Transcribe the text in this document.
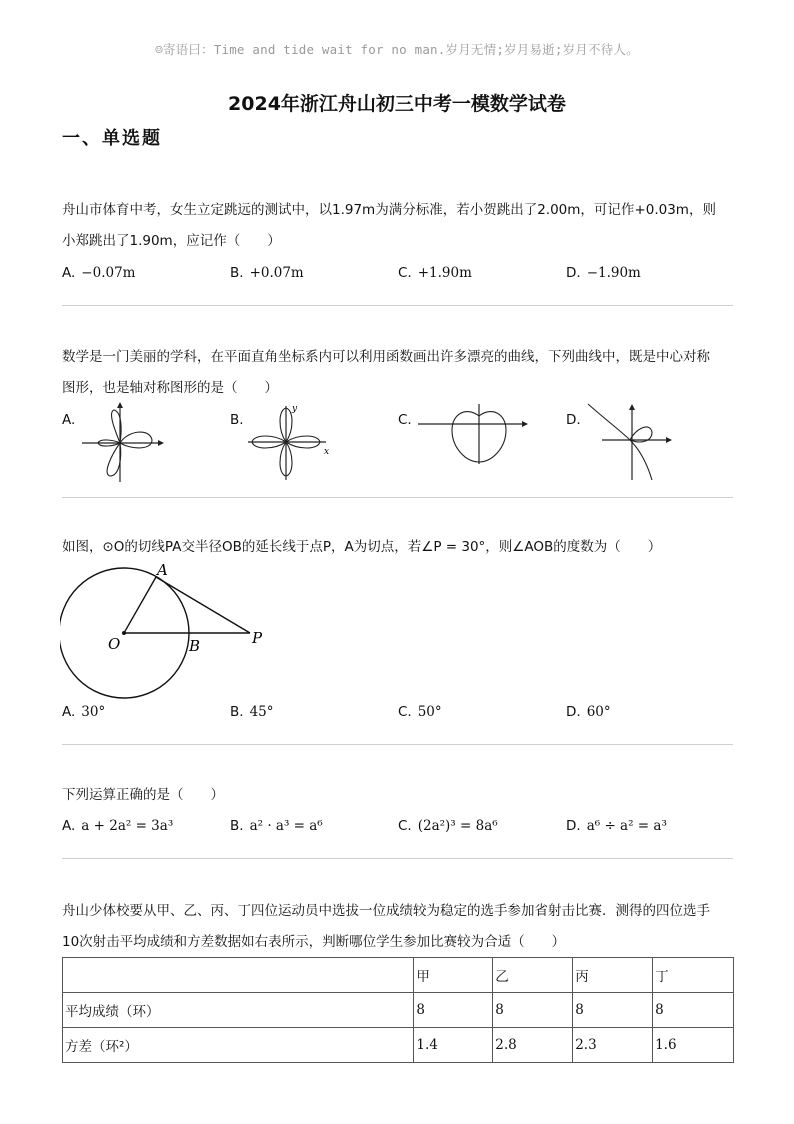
☺寄语曰：Time and tide wait for no man.岁月无情;岁月易逝;岁月不待人。
2024年浙江舟山初三中考一模数学试卷
一、单选题
舟山市体育中考，女生立定跳远的测试中，以1.97m为满分标准，若小贺跳出了2.00m，可记作+0.03m，则
小郑跳出了1.90m，应记作（　　）
A. −0.07m	B. +0.07m	C. +1.90m	D. −1.90m
数学是一门美丽的学科，在平面直角坐标系内可以利用函数画出许多漂亮的曲线，下列曲线中，既是中心对称
图形，也是轴对称图形的是（　　）
A.	B.
y
x
C.	D.
如图，⊙O的切线PA交半径OB的延长线于点P，A为切点，若∠P = 30°，则∠AOB的度数为（　　）
A
O	B	P
A. 30°	B. 45°	C. 50°	D. 60°
下列运算正确的是（　　）
A. a + 2a² = 3a³	B. a² · a³ = a⁶	C. (2a²)³ = 8a⁶	D. a⁶ ÷ a² = a³
舟山少体校要从甲、乙、丙、丁四位运动员中选拔一位成绩较为稳定的选手参加省射击比赛．测得的四位选手
10次射击平均成绩和方差数据如右表所示，判断哪位学生参加比赛较为合适（　　）
	甲	乙	丙	丁
平均成绩（环）	8	8	8	8
方差（环²）	1.4	2.8	2.3	1.6
